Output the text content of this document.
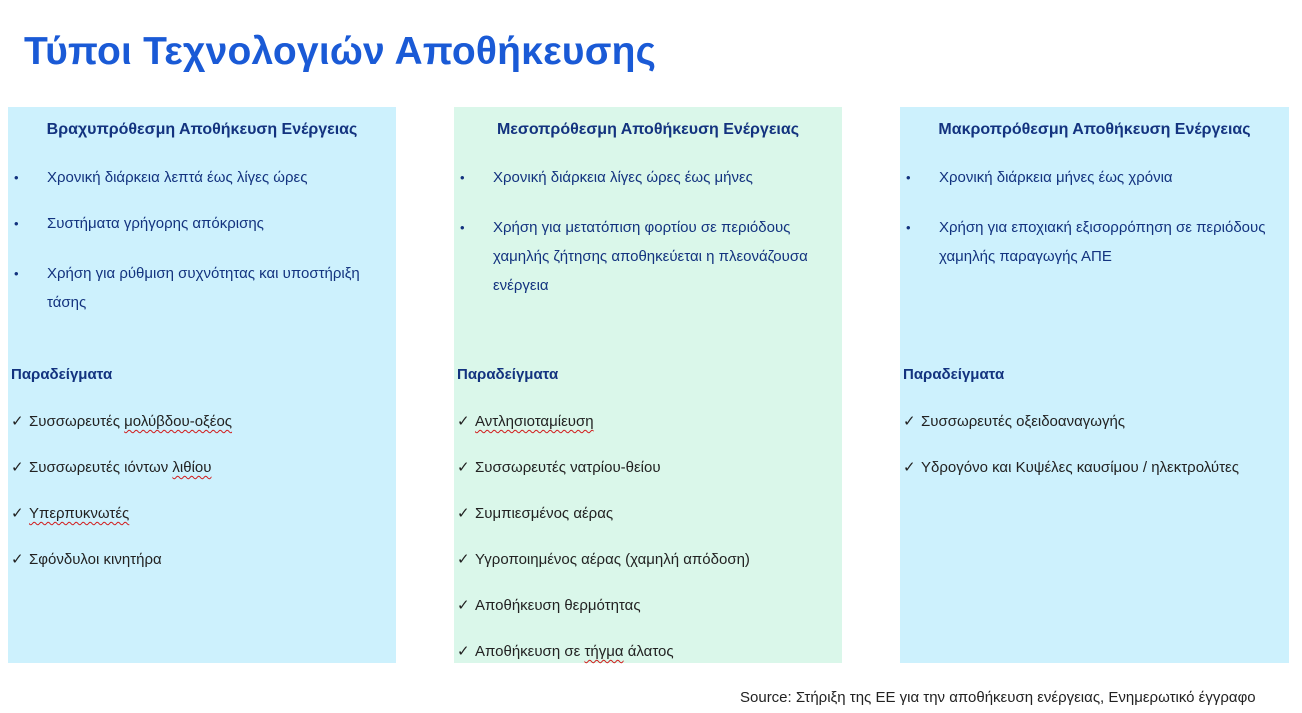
Τύποι Τεχνολογιών Αποθήκευσης
Βραχυπρόθεσμη Αποθήκευση Ενέργειας
• Χρονική διάρκεια λεπτά έως λίγες ώρες
• Συστήματα γρήγορης απόκρισης
• Χρήση για ρύθμιση συχνότητας και υποστήριξη τάσης
Παραδείγματα
✓ Συσσωρευτές μολύβδου-οξέος
✓ Συσσωρευτές ιόντων λιθίου
✓ Υπερπυκνωτές
✓ Σφόνδυλοι κινητήρα
Μεσοπρόθεσμη Αποθήκευση Ενέργειας
• Χρονική διάρκεια λίγες ώρες έως μήνες
• Χρήση για μετατόπιση φορτίου σε περιόδους χαμηλής ζήτησης αποθηκεύεται η πλεονάζουσα ενέργεια
Παραδείγματα
✓ Αντλησιοταμίευση
✓ Συσσωρευτές νατρίου-θείου
✓ Συμπιεσμένος αέρας
✓ Υγροποιημένος αέρας (χαμηλή απόδοση)
✓ Αποθήκευση θερμότητας
✓ Αποθήκευση σε τήγμα άλατος
Μακροπρόθεσμη Αποθήκευση Ενέργειας
• Χρονική διάρκεια μήνες έως χρόνια
• Χρήση για εποχιακή εξισορρόπηση σε περιόδους χαμηλής παραγωγής ΑΠΕ
Παραδείγματα
✓ Συσσωρευτές οξειδοαναγωγής
✓ Υδρογόνο και Κυψέλες καυσίμου / ηλεκτρολύτες
Source: Στήριξη της ΕΕ για την αποθήκευση ενέργειας, Ενημερωτικό έγγραφο
